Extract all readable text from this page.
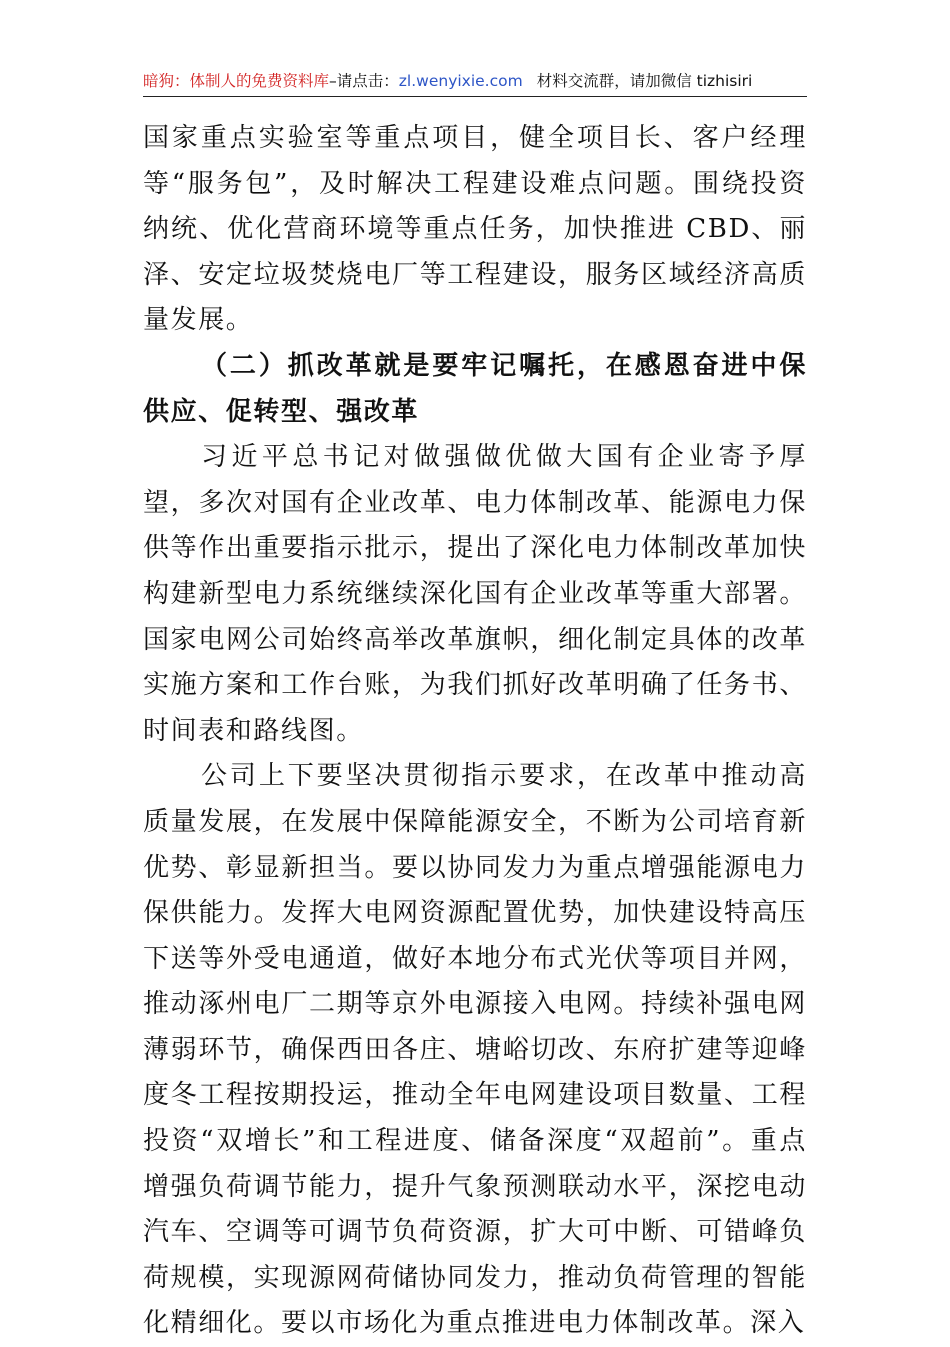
暗狗：体制人的免费资料库–请点击：zl.wenyixie.com 材料交流群，请加微信 tizhisiri

国家重点实验室等重点项目，健全项目长、客户经理等“服务包”，及时解决工程建设难点问题。围绕投资纳统、优化营商环境等重点任务，加快推进 CBD、丽泽、安定垃圾焚烧电厂等工程建设，服务区域经济高质量发展。

（二）抓改革就是要牢记嘱托，在感恩奋进中保供应、促转型、强改革

习近平总书记对做强做优做大国有企业寄予厚望，多次对国有企业改革、电力体制改革、能源电力保供等作出重要指示批示，提出了深化电力体制改革加快构建新型电力系统继续深化国有企业改革等重大部署。国家电网公司始终高举改革旗帜，细化制定具体的改革实施方案和工作台账，为我们抓好改革明确了任务书、时间表和路线图。

公司上下要坚决贯彻指示要求，在改革中推动高质量发展，在发展中保障能源安全，不断为公司培育新优势、彰显新担当。要以协同发力为重点增强能源电力保供能力。发挥大电网资源配置优势，加快建设特高压下送等外受电通道，做好本地分布式光伏等项目并网，推动涿州电厂二期等京外电源接入电网。持续补强电网薄弱环节，确保西田各庄、塘峪切改、东府扩建等迎峰度冬工程按期投运，推动全年电网建设项目数量、工程投资“双增长”和工程进度、储备深度“双超前”。重点增强负荷调节能力，提升气象预测联动水平，深挖电动汽车、空调等可调节负荷资源，扩大可中断、可错峰负荷规模，实现源网荷储协同发力，推动负荷管理的智能化精细化。要以市场化为重点推进电力体制改革。深入
